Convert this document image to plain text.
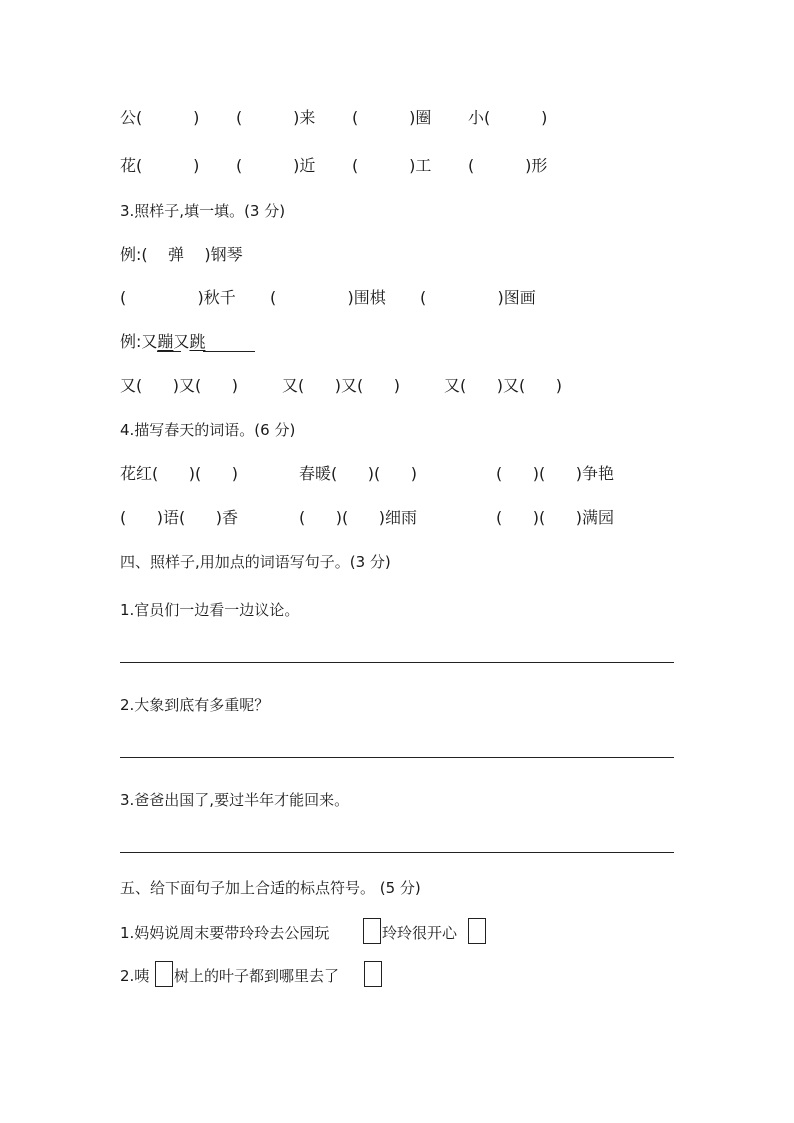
公(          ) (          )来 (          )圈 小(          )
花(          ) (          )近 (          )工 (          )形
3.照样子,填一填。(3 分)
例:(    弹    )钢琴
(              )秋千 (              )围棋 (              )图画
例:又蹦又跳
又(      )又(      )	又(      )又(      )	又(      )又(      )
4.描写春天的词语。(6 分)
花红(      )(      )	春暖(      )(      )	(      )(      )争艳
(      )语(      )香	(      )(      )细雨	(      )(      )满园
四、照样子,用加点的词语写句子。(3 分)
1.官员们一边看一边议论。
2.大象到底有多重呢？
3.爸爸出国了,要过半年才能回来。
五、给下面句子加上合适的标点符号。 (5 分)
1.妈妈说周末要带玲玲去公园玩	玲玲很开心
2.咦 树上的叶子都到哪里去了
